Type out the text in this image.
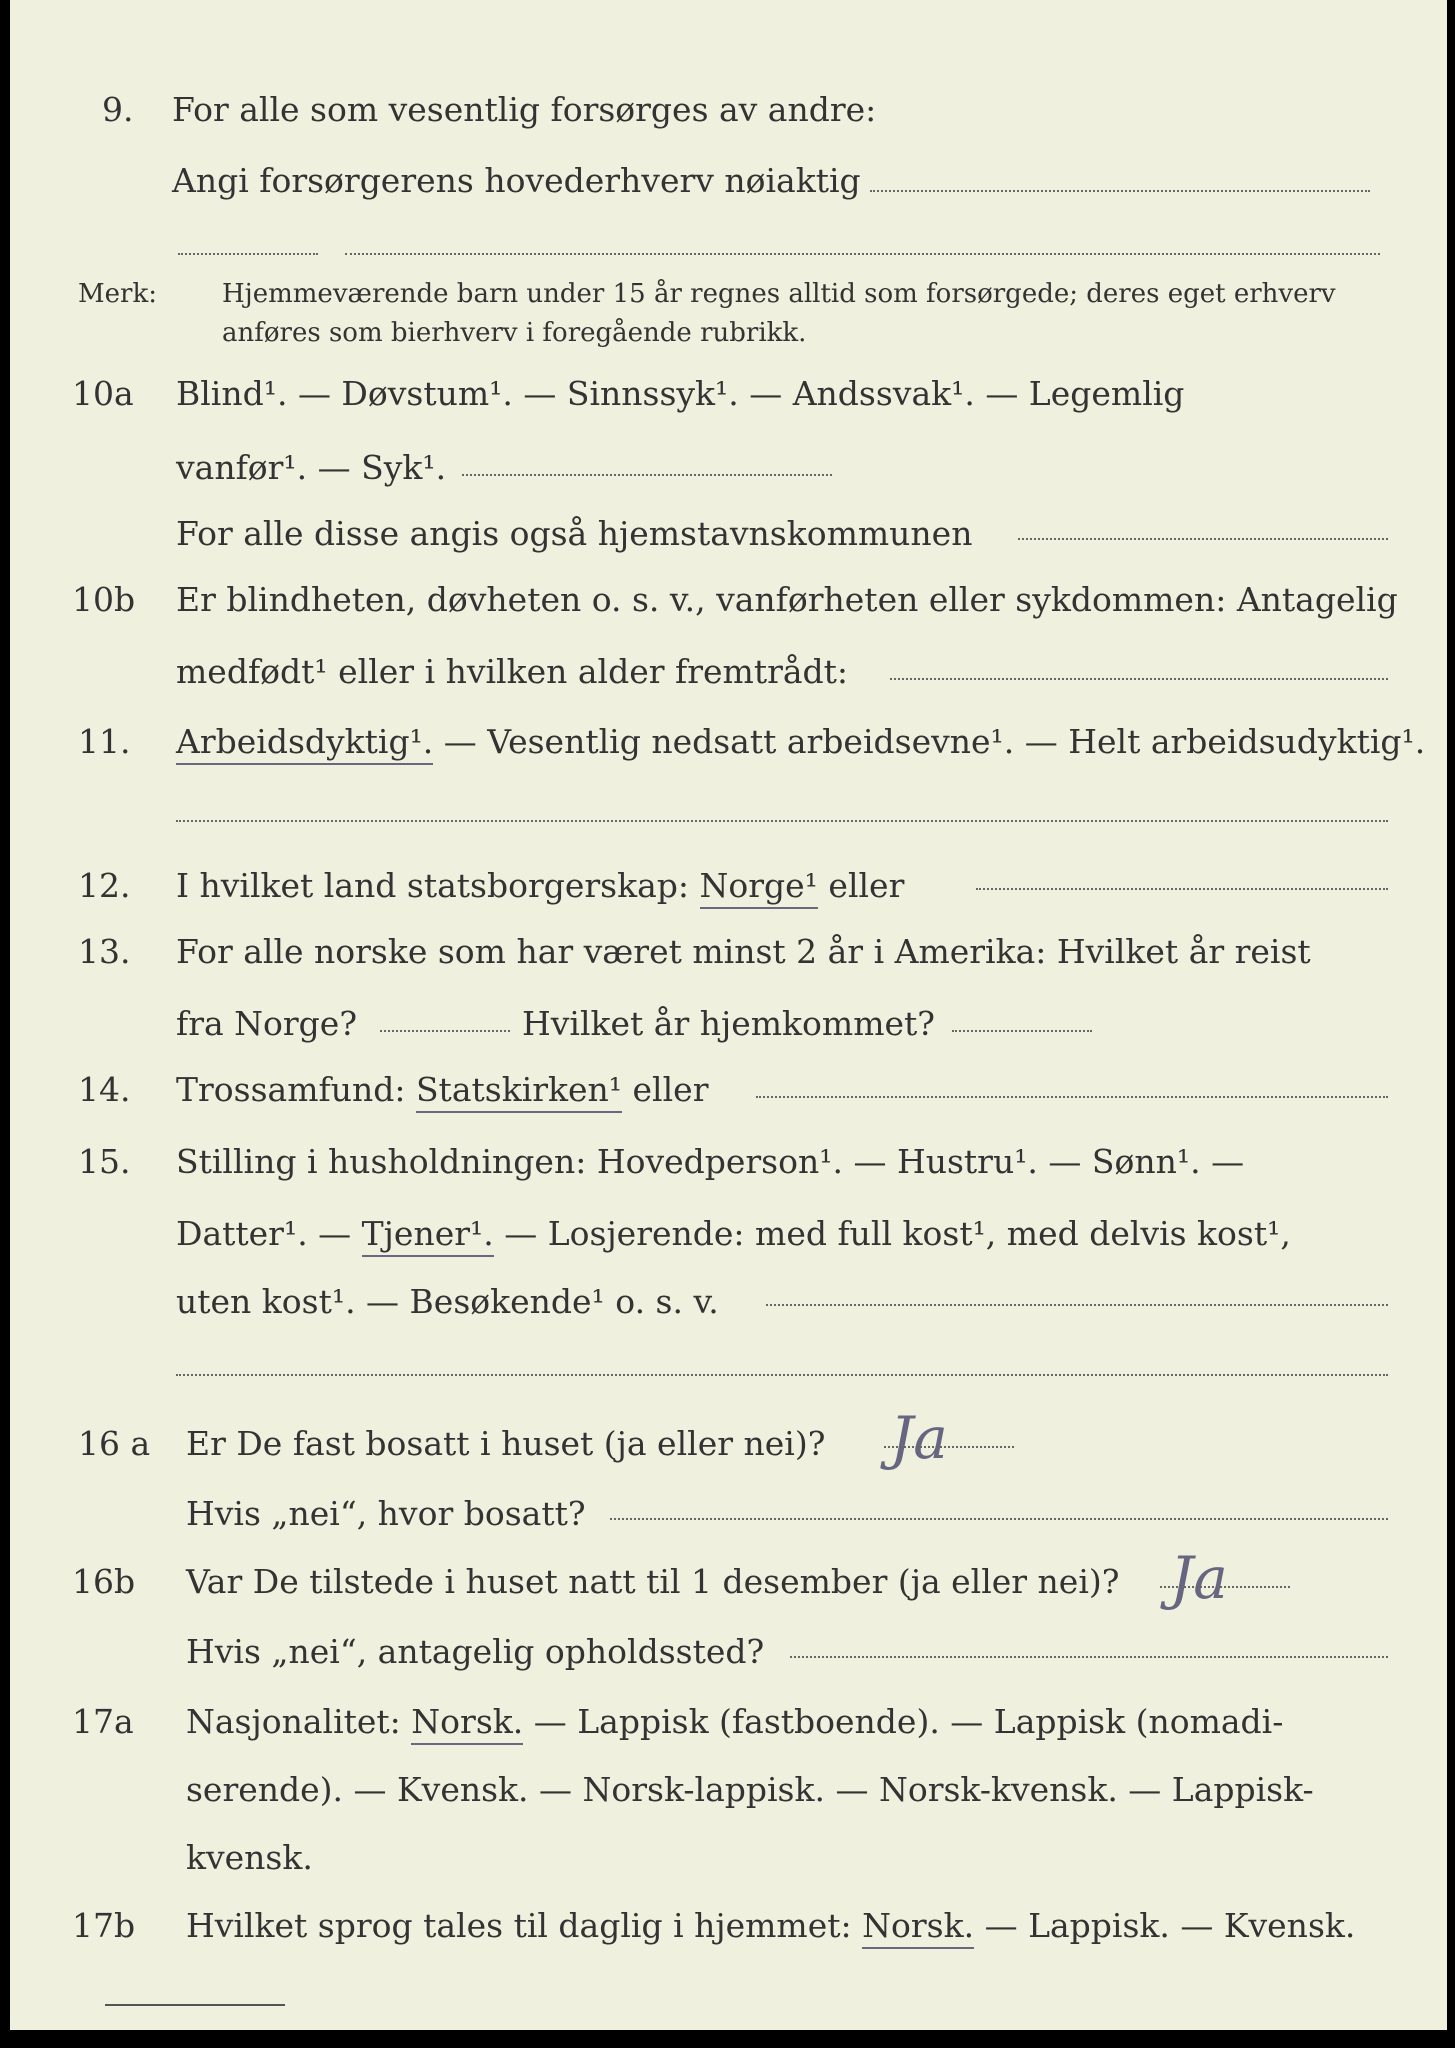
9. For alle som vesentlig forsørges av andre:
Angi forsørgerens hovederhverv nøiaktig
Merk:	Hjemmeværende barn under 15 år regnes alltid som forsørgede; deres eget erhverv
anføres som bierhverv i foregående rubrikk.
10a Blind¹. — Døvstum¹. — Sinnssyk¹. — Andssvak¹. — Legemlig
vanfør¹. — Syk¹.
For alle disse angis også hjemstavnskommunen
10b Er blindheten, døvheten o. s. v., vanførheten eller sykdommen: Antagelig
medfødt¹ eller i hvilken alder fremtrådt:
11. Arbeidsdyktig¹. — Vesentlig nedsatt arbeidsevne¹. — Helt arbeidsudyktig¹.
12. I hvilket land statsborgerskap: Norge¹ eller
13. For alle norske som har været minst 2 år i Amerika: Hvilket år reist
fra Norge?	Hvilket år hjemkommet?
14. Trossamfund: Statskirken¹ eller
15. Stilling i husholdningen: Hovedperson¹. — Hustru¹. — Sønn¹. —
Datter¹. — Tjener¹. — Losjerende: med full kost¹, med delvis kost¹,
uten kost¹. — Besøkende¹ o. s. v.
16 a Er De fast bosatt i huset (ja eller nei)? Ja
Hvis „nei“, hvor bosatt?
16b Var De tilstede i huset natt til 1 desember (ja eller nei)? Ja
Hvis „nei“, antagelig opholdssted?
17a Nasjonalitet: Norsk. — Lappisk (fastboende). — Lappisk (nomadi-
serende). — Kvensk. — Norsk-lappisk. — Norsk-kvensk. — Lappisk-
kvensk.
17b Hvilket sprog tales til daglig i hjemmet: Norsk. — Lappisk. — Kvensk.
